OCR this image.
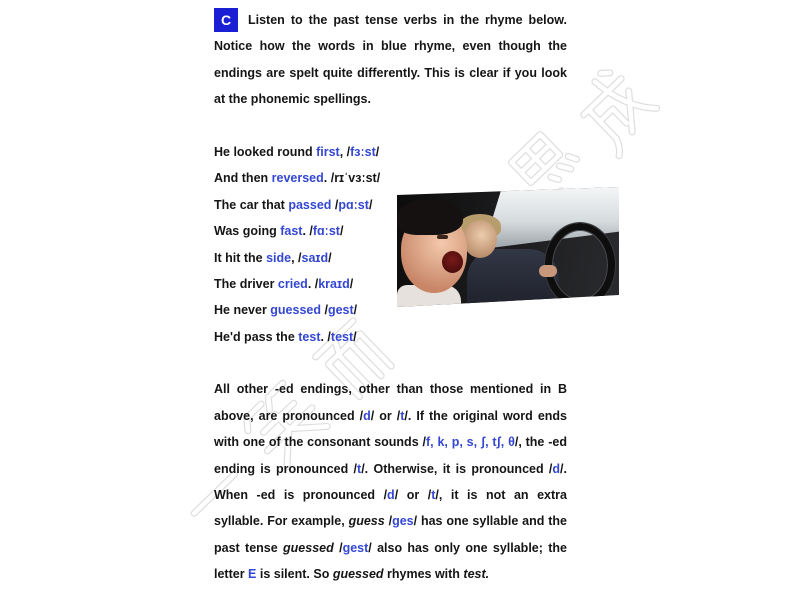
C	Listen to the past tense verbs in the rhyme below.
Notice how the words in blue rhyme, even though the
endings are spelt quite differently. This is clear if you look
at the phonemic spellings.
He looked round first, /fɜːst/
And then reversed. /rɪˈvɜːst/
The car that passed /pɑːst/
Was going fast. /fɑːst/
It hit the side, /saɪd/
The driver cried. /kraɪd/
He never guessed /gest/
He'd pass the test. /test/
All other -ed endings, other than those mentioned in B
above, are pronounced /d/ or /t/. If the original word ends
with one of the consonant sounds /f, k, p, s, ʃ, tʃ, θ/, the -ed
ending is pronounced /t/. Otherwise, it is pronounced /d/.
When -ed is pronounced /d/ or /t/, it is not an extra
syllable. For example, guess /ges/ has one syllable and the
past tense guessed /gest/ also has only one syllable; the
letter E is silent. So guessed rhymes with test.
